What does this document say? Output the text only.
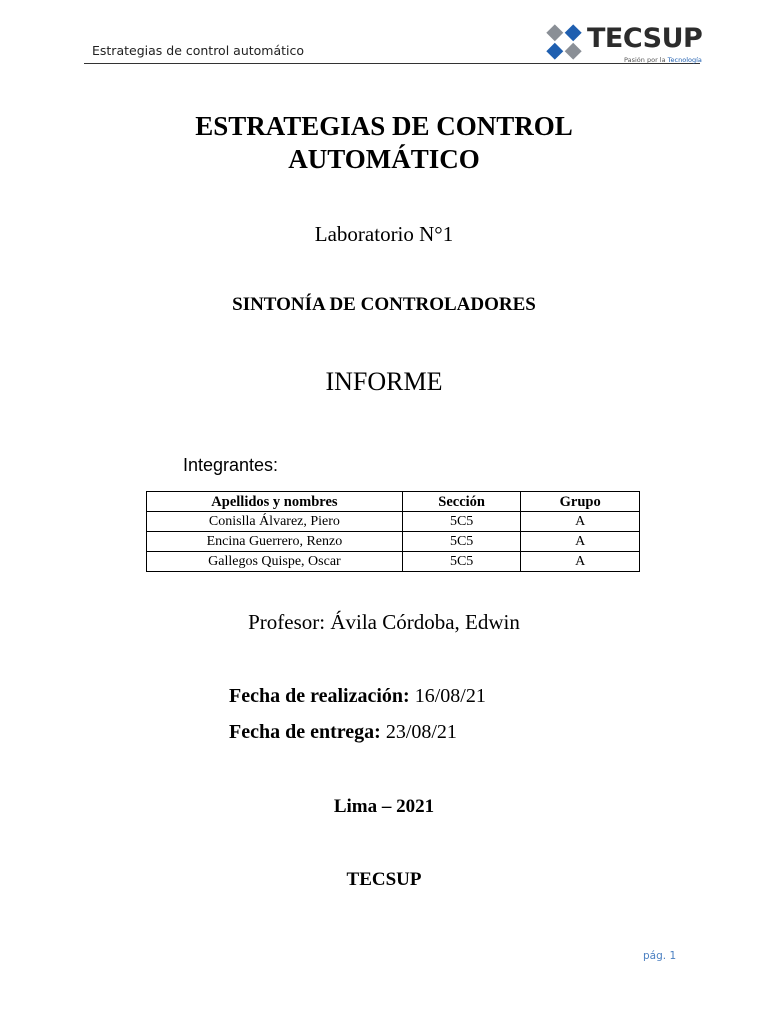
Estrategias de control automático	TECSUP
Pasión por la Tecnología
ESTRATEGIAS DE CONTROL
AUTOMÁTICO
Laboratorio N°1
SINTONÍA DE CONTROLADORES
INFORME
Integrantes:
Apellidos y nombres	Sección	Grupo
Conislla Álvarez, Piero	5C5	A
Encina Guerrero, Renzo	5C5	A
Gallegos Quispe, Oscar	5C5	A
Profesor: Ávila Córdoba, Edwin
Fecha de realización: 16/08/21
Fecha de entrega: 23/08/21
Lima – 2021
TECSUP
pág. 1
